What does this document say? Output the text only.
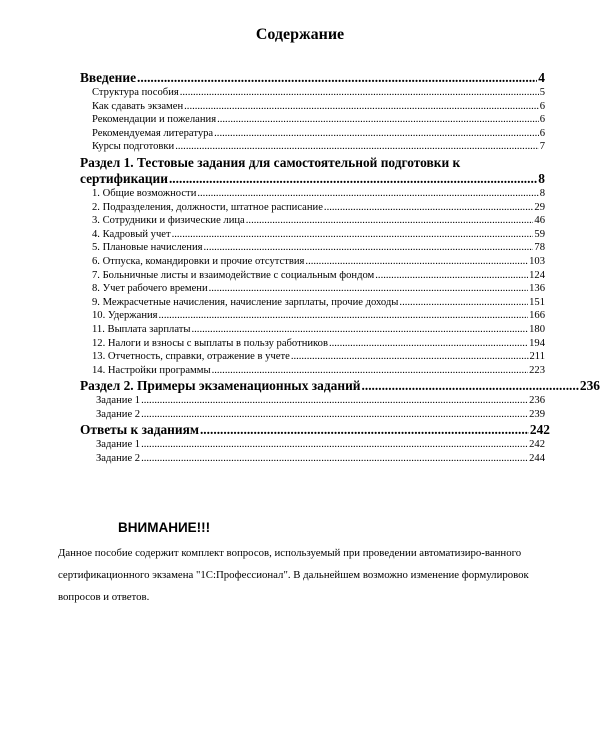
Содержание
Введение .....	4
Структура пособия .....	5
Как сдавать экзамен .....	6
Рекомендации и пожелания .....	6
Рекомендуемая литература .....	6
Курсы подготовки .....	7
Раздел 1. Тестовые задания для самостоятельной подготовки к
сертификации .....	8
1. Общие возможности .....	8
2. Подразделения, должности, штатное расписание .....	29
3. Сотрудники и физические лица .....	46
4. Кадровый учет .....	59
5. Плановые начисления .....	78
6. Отпуска, командировки и прочие отсутствия .....	103
7. Больничные листы и взаимодействие с социальным фондом .....	124
8. Учет рабочего времени .....	136
9. Межрасчетные начисления, начисление зарплаты, прочие доходы .....	151
10. Удержания .....	166
11. Выплата зарплаты .....	180
12. Налоги и взносы с выплаты в пользу работников .....	194
13. Отчетность, справки, отражение в учете .....	211
14. Настройки программы .....	223
Раздел 2. Примеры экзаменационных заданий .....	236
Задание 1 .....	236
Задание 2 .....	239
Ответы к заданиям .....	242
Задание 1 .....	242
Задание 2 .....	244
ВНИМАНИЕ!!!
Данное пособие содержит комплект вопросов, используемый при проведении автоматизиро-ванного сертификационного экзамена "1С:Профессионал". В дальнейшем возможно изменение формулировок вопросов и ответов.
